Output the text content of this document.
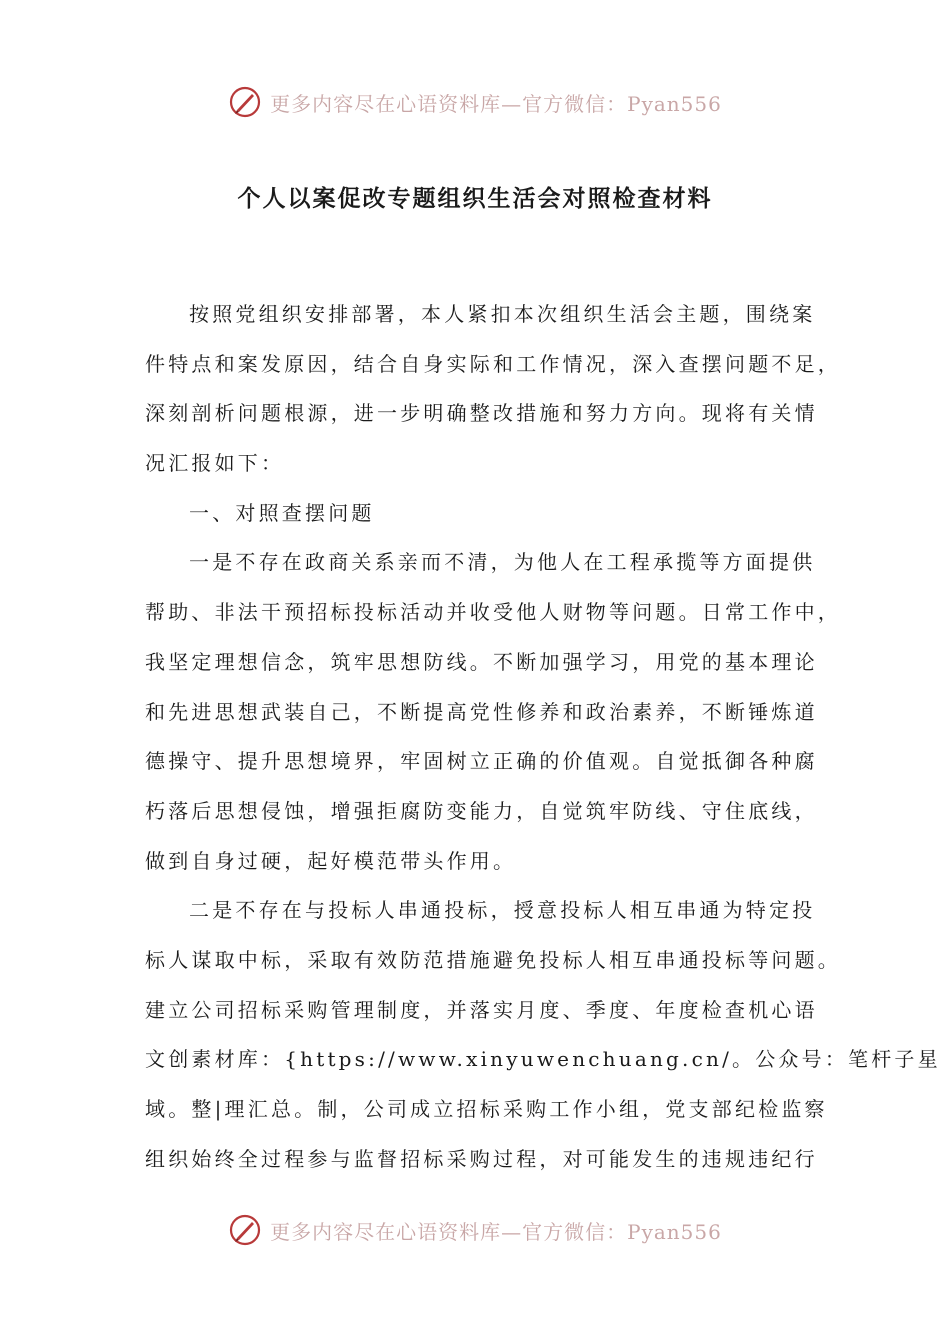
更多内容尽在心语资料库—官方微信：Pyan556
个人以案促改专题组织生活会对照检查材料
按照党组织安排部署，本人紧扣本次组织生活会主题，围绕案
件特点和案发原因，结合自身实际和工作情况，深入查摆问题不足，
深刻剖析问题根源，进一步明确整改措施和努力方向。现将有关情
况汇报如下：
一、对照查摆问题
一是不存在政商关系亲而不清，为他人在工程承揽等方面提供
帮助、非法干预招标投标活动并收受他人财物等问题。日常工作中，
我坚定理想信念，筑牢思想防线。不断加强学习，用党的基本理论
和先进思想武装自己，不断提高党性修养和政治素养，不断锤炼道
德操守、提升思想境界，牢固树立正确的价值观。自觉抵御各种腐
朽落后思想侵蚀，增强拒腐防变能力，自觉筑牢防线、守住底线，
做到自身过硬，起好模范带头作用。
二是不存在与投标人串通投标，授意投标人相互串通为特定投
标人谋取中标，采取有效防范措施避免投标人相互串通投标等问题。
建立公司招标采购管理制度，并落实月度、季度、年度检查机心语
文创素材库：{https://www.xinyuwenchuang.cn/。公众号：笔杆子星
域。整|理汇总。制，公司成立招标采购工作小组，党支部纪检监察
组织始终全过程参与监督招标采购过程，对可能发生的违规违纪行
更多内容尽在心语资料库—官方微信：Pyan556
